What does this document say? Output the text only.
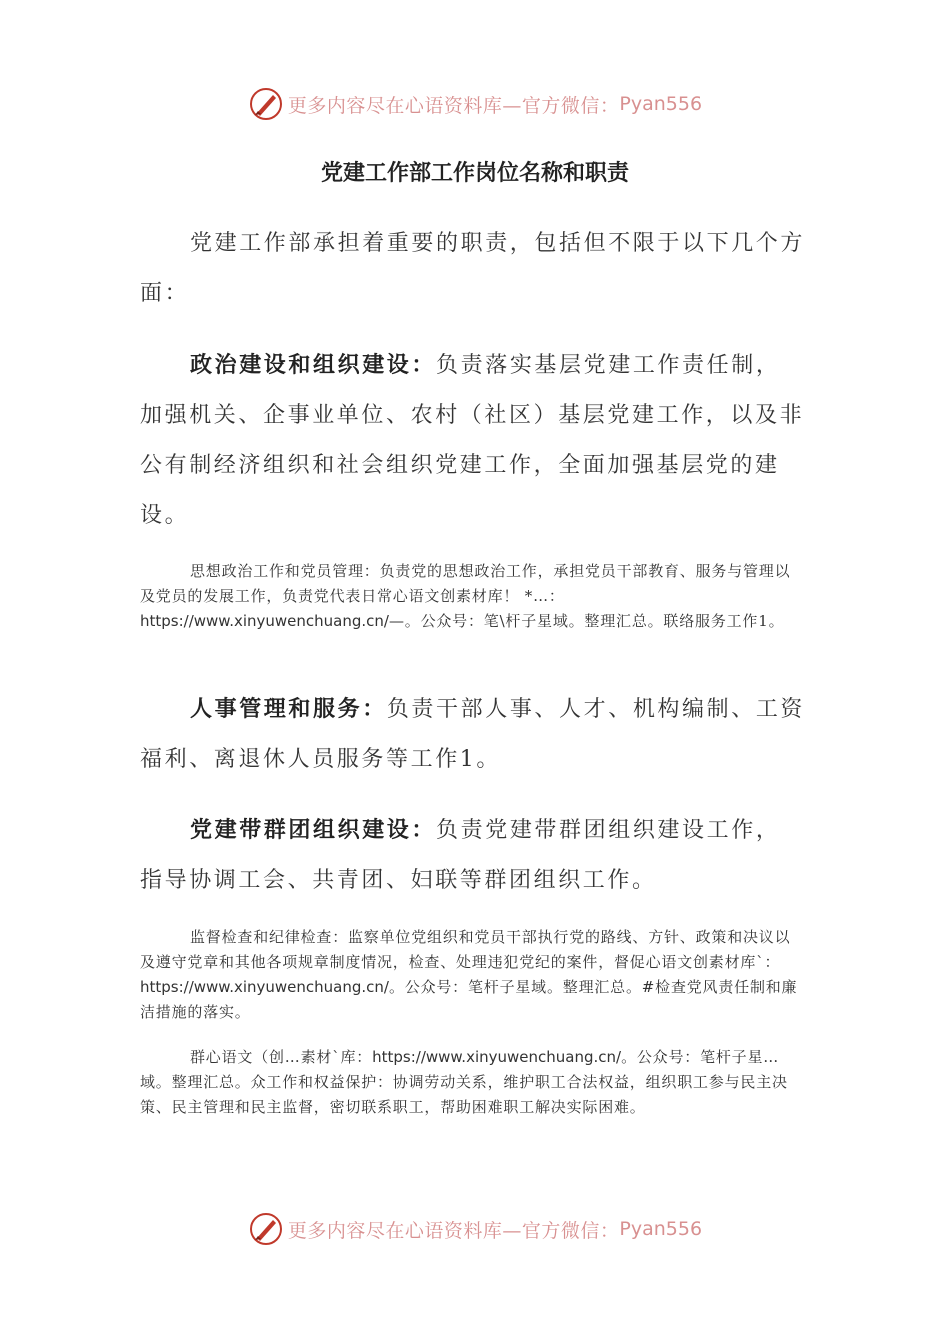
更多内容尽在心语资料库—官方微信： Pyan556
党建工作部工作岗位名称和职责

党建工作部承担着重要的职责，包括但不限于以下几个方面：

政治建设和组织建设：负责落实基层党建工作责任制，加强机关、企事业单位、农村（社区）基层党建工作，以及非公有制经济组织和社会组织党建工作，全面加强基层党的建设。

思想政治工作和党员管理：负责党的思想政治工作，承担党员干部教育、服务与管理以及党员的发展工作，负责党代表日常心语文创素材库！ *…：https://www.xinyuwenchuang.cn/—。公众号：笔\杆子星域。整理汇总。联络服务工作1。

人事管理和服务：负责干部人事、人才、机构编制、工资福利、离退休人员服务等工作1。

党建带群团组织建设：负责党建带群团组织建设工作，指导协调工会、共青团、妇联等群团组织工作。

监督检查和纪律检查：监察单位党组织和党员干部执行党的路线、方针、政策和决议以及遵守党章和其他各项规章制度情况，检查、处理违犯党纪的案件，督促心语文创素材库`：https://www.xinyuwenchuang.cn/。公众号：笔杆子星域。整理汇总。#检查党风责任制和廉洁措施的落实。

群心语文（创…素材`库：https://www.xinyuwenchuang.cn/。公众号：笔杆子星…域。整理汇总。众工作和权益保护：协调劳动关系，维护职工合法权益，组织职工参与民主决策、民主管理和民主监督，密切联系职工，帮助困难职工解决实际困难。

更多内容尽在心语资料库—官方微信： Pyan556
